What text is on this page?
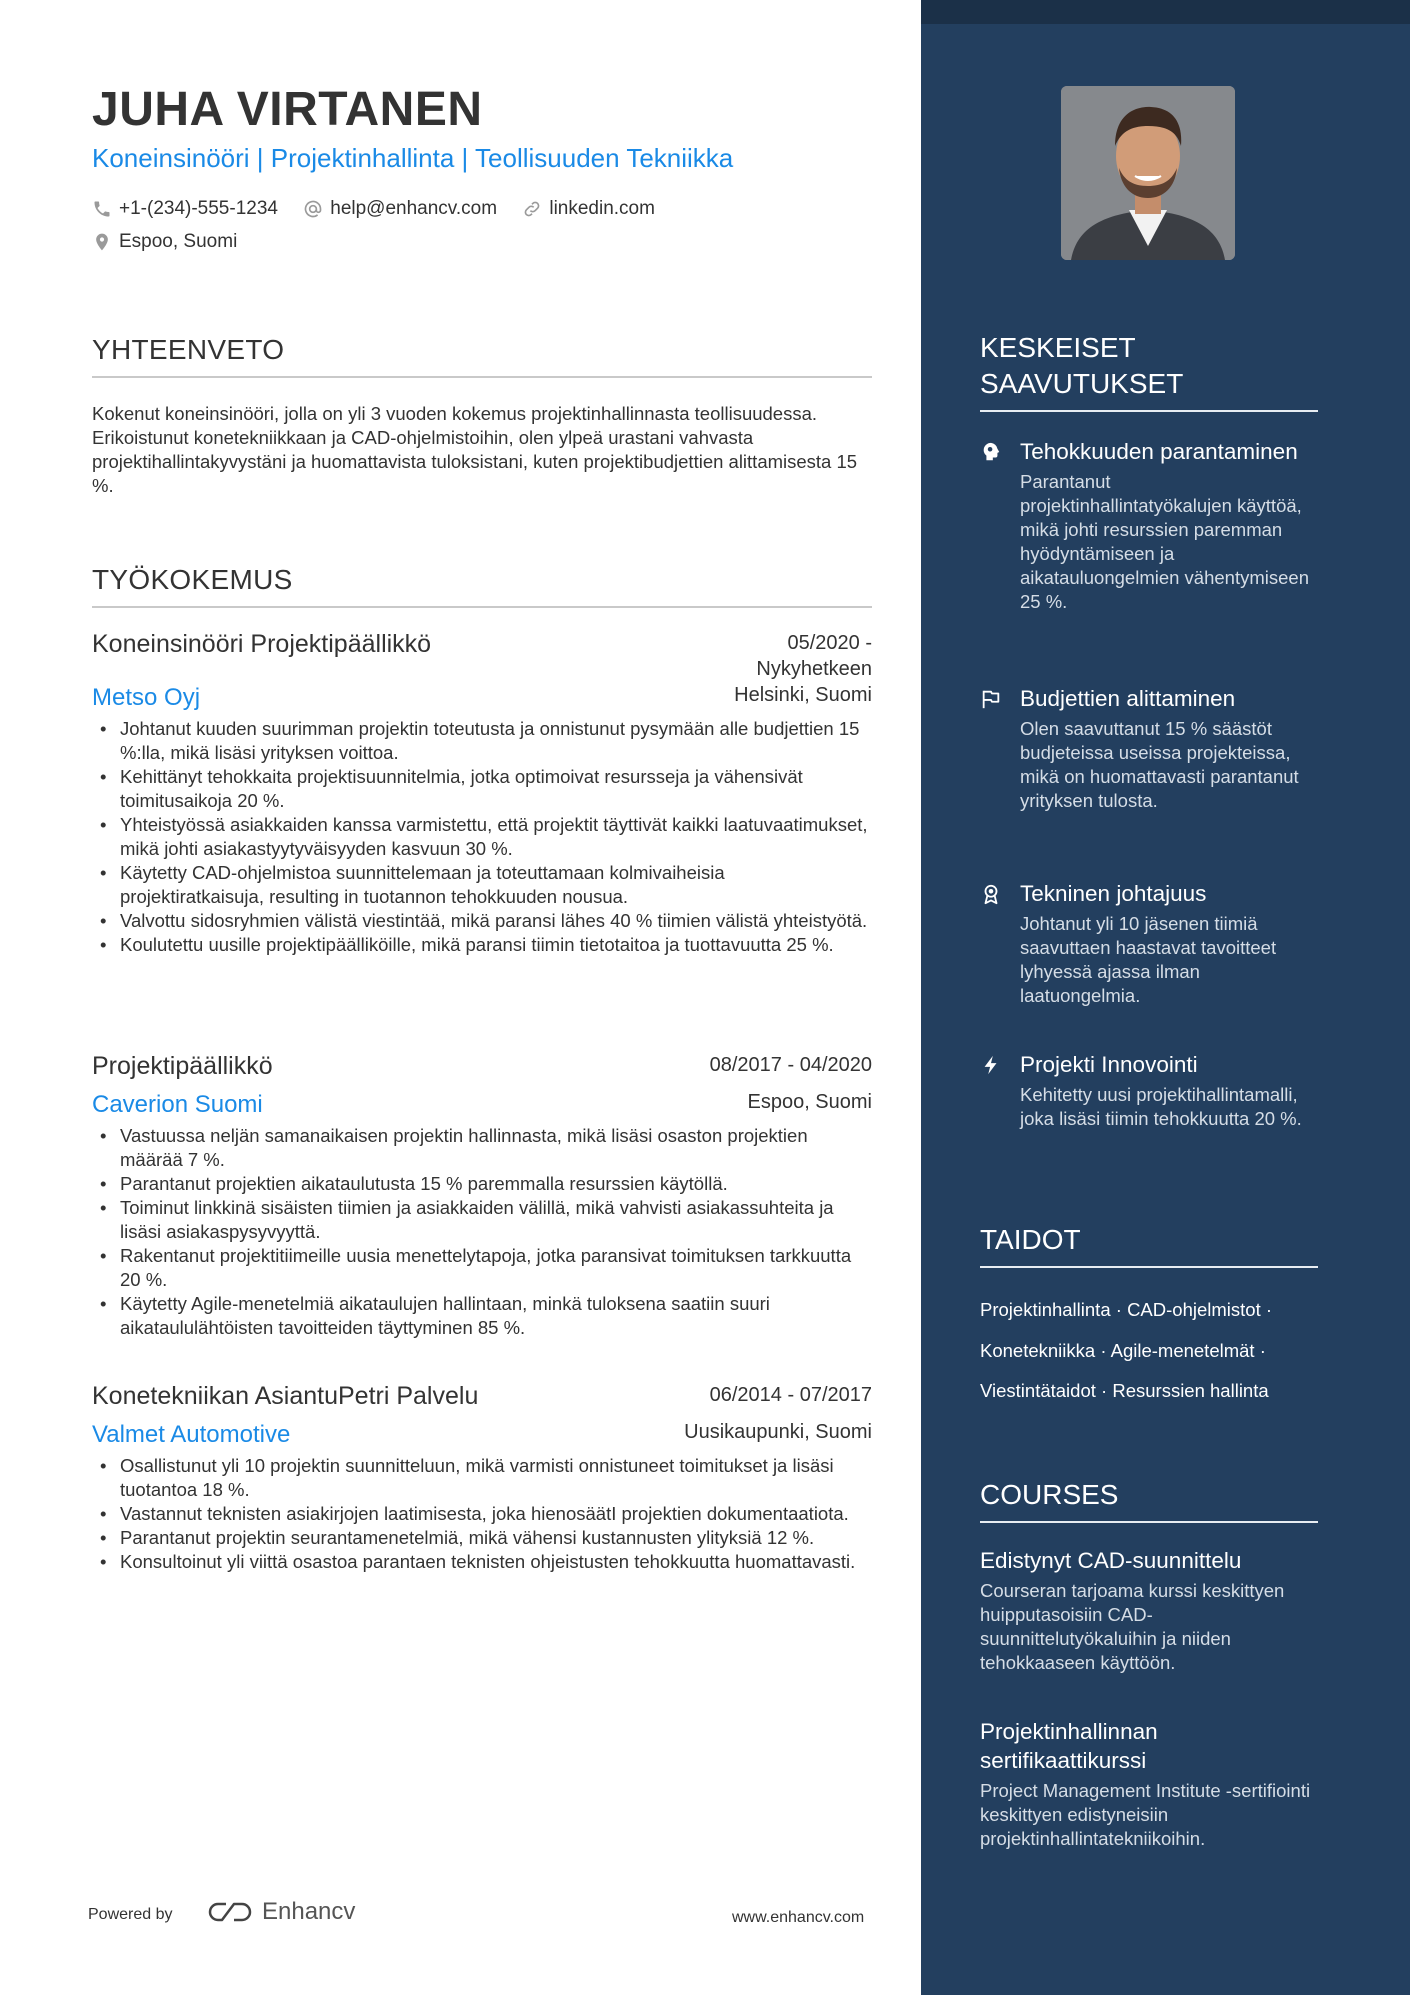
JUHA VIRTANEN
Koneinsinööri | Projektinhallinta | Teollisuuden Tekniikka
+1-(234)-555-1234
	help@enhancv.com
	linkedin.com

Espoo, Suomi
YHTEENVETO
Kokenut koneinsinööri, jolla on yli 3 vuoden kokemus projektinhallinnasta teollisuudessa. Erikoistunut konetekniikkaan ja CAD-ohjelmistoihin, olen ylpeä urastani vahvasta projektihallintakyvystäni ja huomattavista tuloksistani, kuten projektibudjettien alittamisesta 15 %.
TYÖKOKEMUS
Koneinsinööri Projektipäällikkö	05/2020 -
Nykyhetkeen
Metso Oyj	Helsinki, Suomi
• Johtanut kuuden suurimman projektin toteutusta ja onnistunut pysymään alle budjettien 15 %:lla, mikä lisäsi yrityksen voittoa.
• Kehittänyt tehokkaita projektisuunnitelmia, jotka optimoivat resursseja ja vähensivät toimitusaikoja 20 %.
• Yhteistyössä asiakkaiden kanssa varmistettu, että projektit täyttivät kaikki laatuvaatimukset, mikä johti asiakastyytyväisyyden kasvuun 30 %.
• Käytetty CAD-ohjelmistoa suunnittelemaan ja toteuttamaan kolmivaiheisia projektiratkaisuja, resulting in tuotannon tehokkuuden nousua.
• Valvottu sidosryhmien välistä viestintää, mikä paransi lähes 40 % tiimien välistä yhteistyötä.
• Koulutettu uusille projektipäälliköille, mikä paransi tiimin tietotaitoa ja tuottavuutta 25 %.
Projektipäällikkö	08/2017 - 04/2020
Caverion Suomi	Espoo, Suomi
• Vastuussa neljän samanaikaisen projektin hallinnasta, mikä lisäsi osaston projektien määrää 7 %.
• Parantanut projektien aikataulutusta 15 % paremmalla resurssien käytöllä.
• Toiminut linkkinä sisäisten tiimien ja asiakkaiden välillä, mikä vahvisti asiakassuhteita ja lisäsi asiakaspysyvyyttä.
• Rakentanut projektitiimeille uusia menettelytapoja, jotka paransivat toimituksen tarkkuutta 20 %.
• Käytetty Agile-menetelmiä aikataulujen hallintaan, minkä tuloksena saatiin suuri aikataululähtöisten tavoitteiden täyttyminen 85 %.
Konetekniikan AsiantuPetri Palvelu	06/2014 - 07/2017
Valmet Automotive	Uusikaupunki, Suomi
• Osallistunut yli 10 projektin suunnitteluun, mikä varmisti onnistuneet toimitukset ja lisäsi tuotantoa 18 %.
• Vastannut teknisten asiakirjojen laatimisesta, joka hienosäätI projektien dokumentaatiota.
• Parantanut projektin seurantamenetelmiä, mikä vähensi kustannusten ylityksiä 12 %.
• Konsultoinut yli viittä osastoa parantaen teknisten ohjeistusten tehokkuutta huomattavasti.
Powered by	Enhancv	www.enhancv.com
KESKEISET SAAVUTUKSET
Tehokkuuden parantaminen
Parantanut projektinhallintatyökalujen käyttöä, mikä johti resurssien paremman hyödyntämiseen ja aikatauluongelmien vähentymiseen 25 %.
Budjettien alittaminen
Olen saavuttanut 15 % säästöt budjeteissa useissa projekteissa, mikä on huomattavasti parantanut yrityksen tulosta.
Tekninen johtajuus
Johtanut yli 10 jäsenen tiimiä saavuttaen haastavat tavoitteet lyhyessä ajassa ilman laatuongelmia.
Projekti Innovointi
Kehitetty uusi projektihallintamalli, joka lisäsi tiimin tehokkuutta 20 %.
TAIDOT
Projektinhallinta · CAD-ohjelmistot ·
Konetekniikka · Agile-menetelmät ·
Viestintätaidot · Resurssien hallinta
COURSES
Edistynyt CAD-suunnittelu
Courseran tarjoama kurssi keskittyen huipputasoisiin CAD-suunnittelutyökaluihin ja niiden tehokkaaseen käyttöön.
Projektinhallinnan sertifikaattikurssi
Project Management Institute -sertifiointi keskittyen edistyneisiin projektinhallintatekniikoihin.
